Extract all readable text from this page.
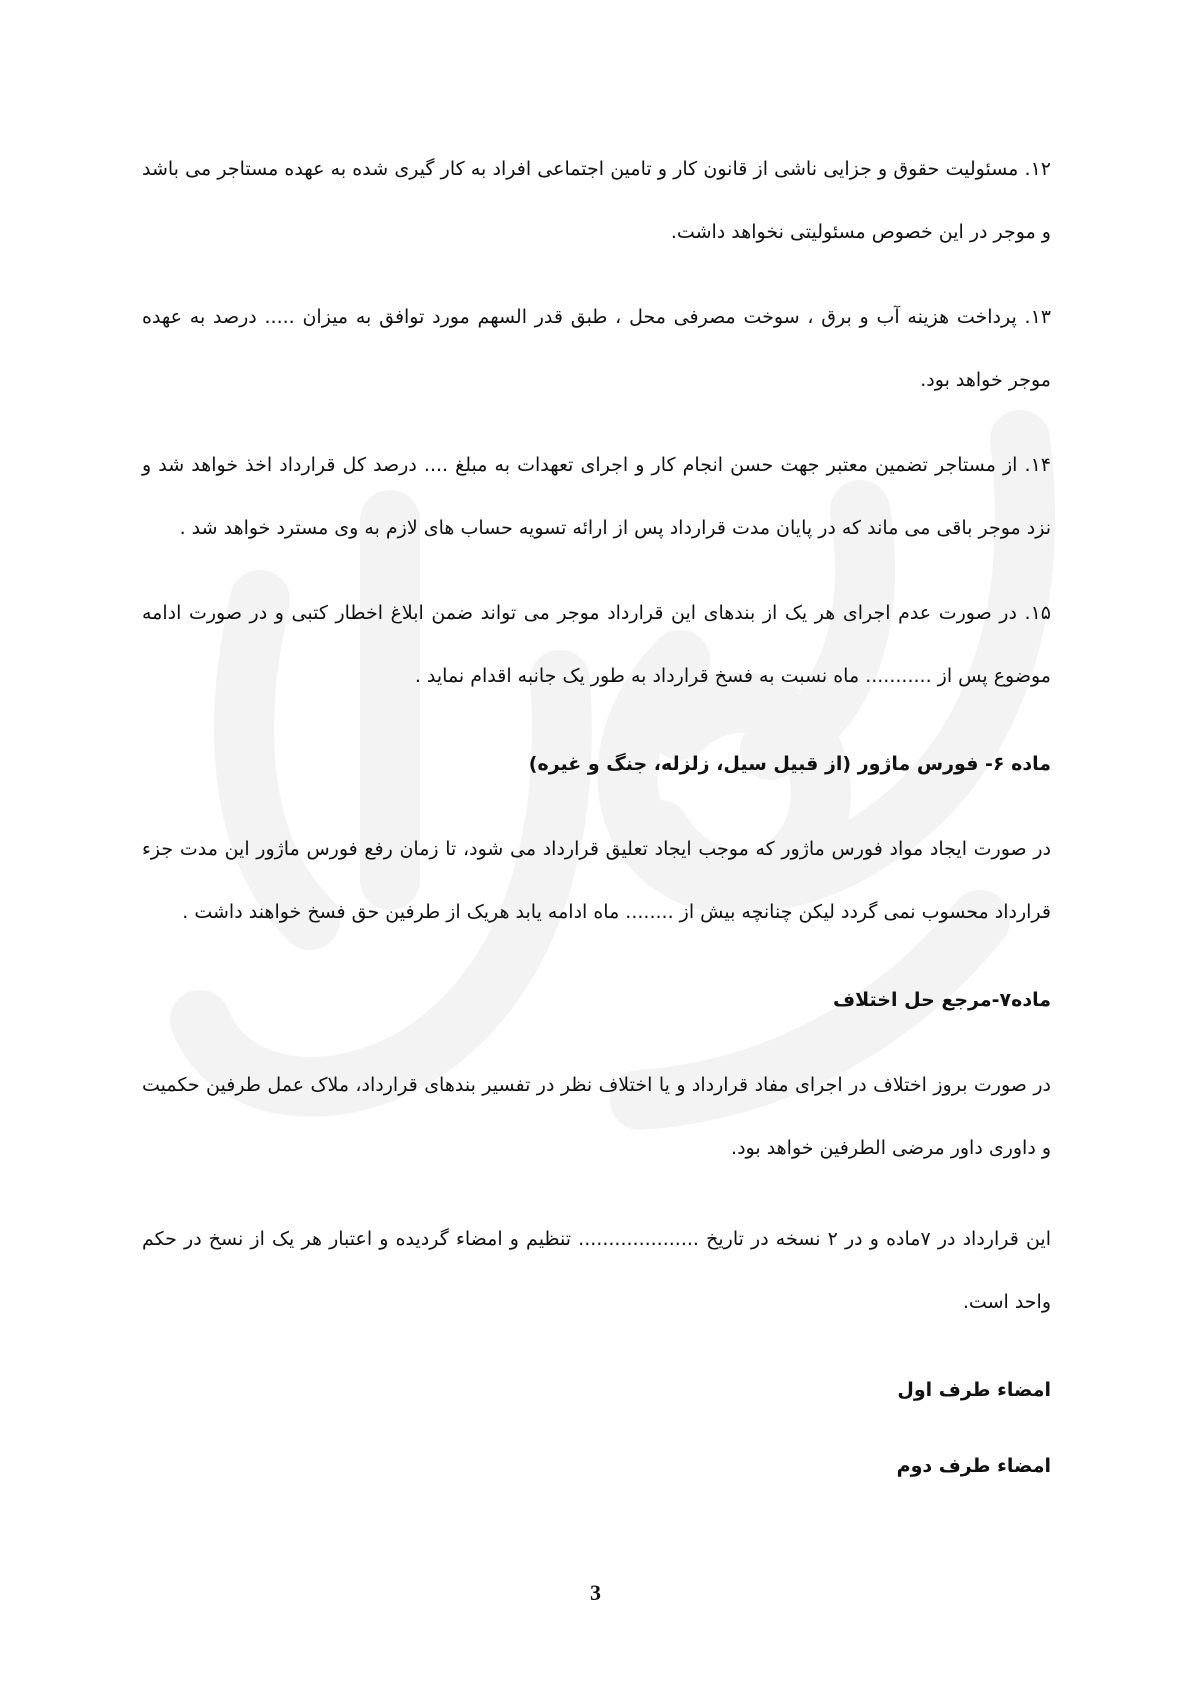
۱۲. مسئولیت حقوق و جزایی ناشی از قانون کار و تامین اجتماعی افراد به کار گیری شده به عهده مستاجر می باشد و موجر در این خصوص مسئولیتی نخواهد داشت.

۱۳. پرداخت هزینه آب و برق ، سوخت مصرفی محل ، طبق قدر السهم مورد توافق به میزان ..... درصد به عهده موجر خواهد بود.

۱۴. از مستاجر تضمین معتبر جهت حسن انجام کار و اجرای تعهدات به مبلغ .... درصد کل قرارداد اخذ خواهد شد و نزد موجر باقی می ماند که در پایان مدت قرارداد پس از ارائه تسویه حساب های لازم به وی مسترد خواهد شد .

۱۵. در صورت عدم اجرای هر یک از بندهای این قرارداد موجر می تواند ضمن ابلاغ اخطار کتبی و در صورت ادامه موضوع پس از ........... ماه نسبت به فسخ قرارداد به طور یک جانبه اقدام نماید .

ماده ۶- فورس ماژور (از قبیل سیل، زلزله، جنگ و غیره)

در صورت ایجاد مواد فورس ماژور که موجب ایجاد تعلیق قرارداد می شود، تا زمان رفع فورس ماژور این مدت جزء قرارداد محسوب نمی گردد لیکن چنانچه بیش از ........ ماه ادامه یابد هریک از طرفین حق فسخ خواهند داشت .

ماده۷-مرجع حل اختلاف

در صورت بروز اختلاف در اجرای مفاد قرارداد و یا اختلاف نظر در تفسیر بندهای قرارداد، ملاک عمل طرفین حکمیت و داوری داور مرضی الطرفین خواهد بود.

این قرارداد در ۷ماده و در ۲ نسخه در تاریخ .................... تنظیم و امضاء گردیده و اعتبار هر یک از نسخ در حکم واحد است.

امضاء طرف اول

امضاء طرف دوم

3
